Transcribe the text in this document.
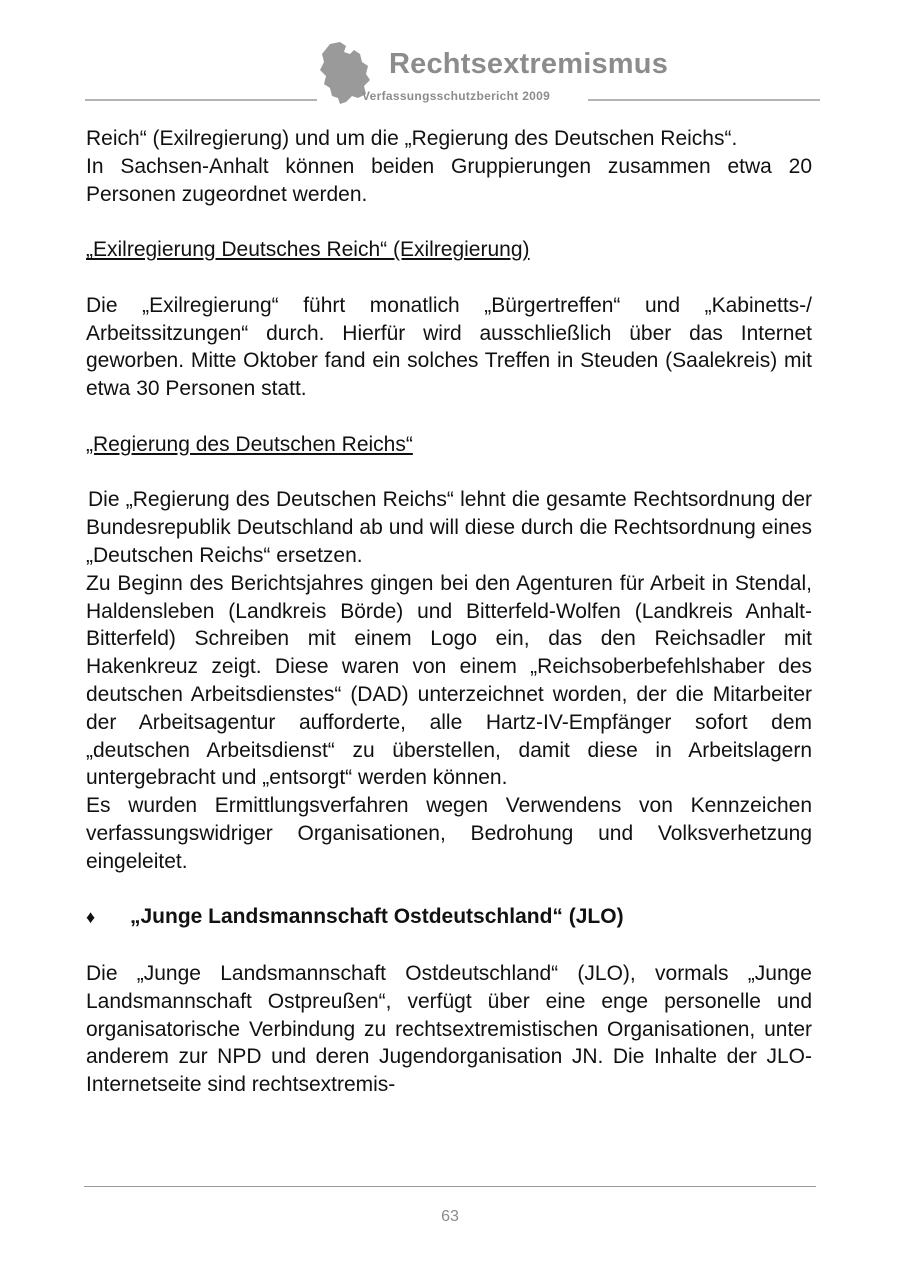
Rechtsextremismus
Verfassungsschutzbericht 2009

Reich“ (Exilregierung) und um die „Regierung des Deutschen Reichs“.

In Sachsen-Anhalt können beiden Gruppierungen zusammen etwa 20 Personen zugeordnet werden.

„Exilregierung Deutsches Reich“ (Exilregierung)

Die „Exilregierung“ führt monatlich „Bürgertreffen“ und „Kabinetts-/ Arbeitssitzungen“ durch. Hierfür wird ausschließlich über das Internet geworben. Mitte Oktober fand ein solches Treffen in Steuden (Saalekreis) mit etwa 30 Personen statt.

„Regierung des Deutschen Reichs“

Die „Regierung des Deutschen Reichs“ lehnt die gesamte Rechtsordnung der Bundesrepublik Deutschland ab und will diese durch die Rechtsordnung eines „Deutschen Reichs“ ersetzen.

Zu Beginn des Berichtsjahres gingen bei den Agenturen für Arbeit in Stendal, Haldensleben (Landkreis Börde) und Bitterfeld-Wolfen (Landkreis Anhalt-Bitterfeld) Schreiben mit einem Logo ein, das den Reichsadler mit Hakenkreuz zeigt. Diese waren von einem „Reichsoberbefehlshaber des deutschen Arbeitsdienstes“ (DAD) unterzeichnet worden, der die Mitarbeiter der Arbeitsagentur aufforderte, alle Hartz-IV-Empfänger sofort dem „deutschen Arbeitsdienst“ zu überstellen, damit diese in Arbeitslagern untergebracht und „entsorgt“ werden können.

Es wurden Ermittlungsverfahren wegen Verwendens von Kennzeichen verfassungswidriger Organisationen, Bedrohung und Volksverhetzung eingeleitet.

♦	„Junge Landsmannschaft Ostdeutschland“ (JLO)

Die „Junge Landsmannschaft Ostdeutschland“ (JLO), vormals „Junge Landsmannschaft Ostpreußen“, verfügt über eine enge personelle und organisatorische Verbindung zu rechtsextremistischen Organisationen, unter anderem zur NPD und deren Jugendorganisation JN. Die Inhalte der JLO-Internetseite sind rechtsextremis-

63
